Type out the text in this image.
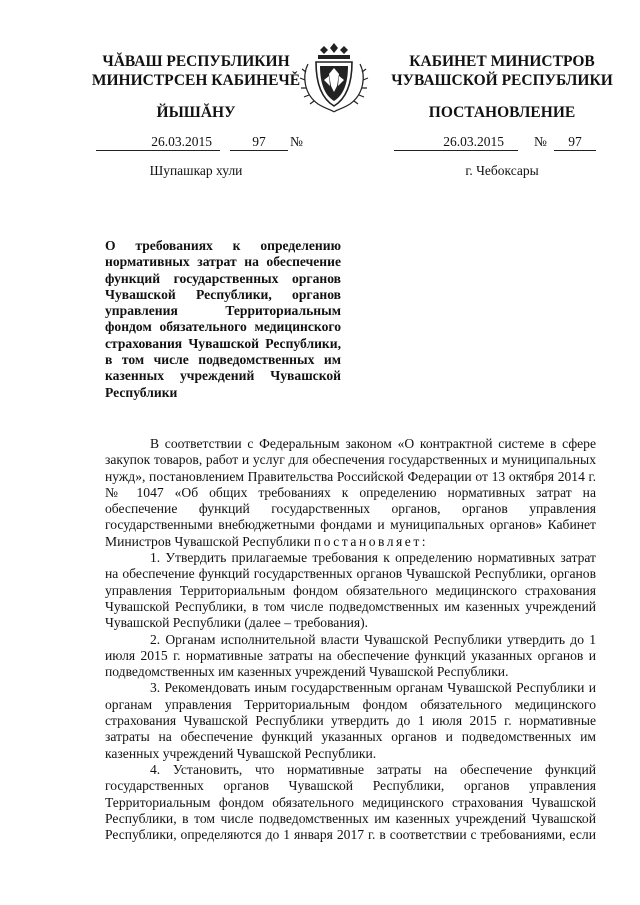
ЧĂВАШ РЕСПУБЛИКИН
МИНИСТРСЕН КАБИНЕЧĚ
ЙЫШĂНУ
26.03.2015	97	№
Шупашкар хули
КАБИНЕТ МИНИСТРОВ
ЧУВАШСКОЙ РЕСПУБЛИКИ
ПОСТАНОВЛЕНИЕ
26.03.2015	№	97
г. Чебоксары
О требованиях к определению нормативных затрат на обеспечение функций государственных органов Чувашской Республики, органов управления Территориальным фондом обязательного медицинского страхования Чувашской Республики, в том числе подведомственных им казенных учреждений Чувашской Республики

В соответствии с Федеральным законом «О контрактной системе в сфере закупок товаров, работ и услуг для обеспечения государственных и муниципальных нужд», постановлением Правительства Российской Федерации от 13 октября 2014 г. № 1047 «Об общих требованиях к определению нормативных затрат на обеспечение функций государственных органов, органов управления государственными внебюджетными фондами и муниципальных органов» Кабинет Министров Чувашской Республики постановляет:

1. Утвердить прилагаемые требования к определению нормативных затрат на обеспечение функций государственных органов Чувашской Республики, органов управления Территориальным фондом обязательного медицинского страхования Чувашской Республики, в том числе подведомственных им казенных учреждений Чувашской Республики (далее – требования).

2. Органам исполнительной власти Чувашской Республики утвердить до 1 июля 2015 г. нормативные затраты на обеспечение функций указанных органов и подведомственных им казенных учреждений Чувашской Республики.

3. Рекомендовать иным государственным органам Чувашской Республики и органам управления Территориальным фондом обязательного медицинского страхования Чувашской Республики утвердить до 1 июля 2015 г. нормативные затраты на обеспечение функций указанных органов и подведомственных им казенных учреждений Чувашской Республики.

4. Установить, что нормативные затраты на обеспечение функций государственных органов Чувашской Республики, органов управления Территориальным фондом обязательного медицинского страхования Чувашской Республики, в том числе подведомственных им казенных учреждений Чувашской Республики, определяются до 1 января 2017 г. в соответствии с требованиями, если
